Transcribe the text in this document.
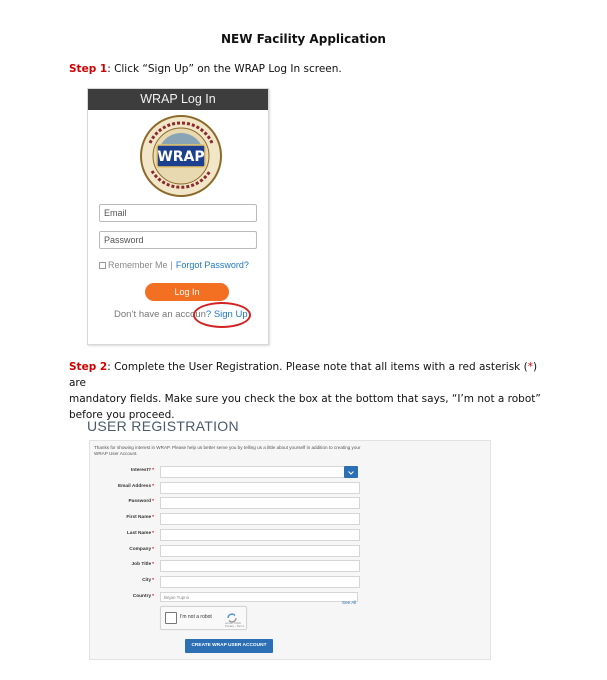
NEW Facility Application
Step 1: Click “Sign Up” on the WRAP Log In screen.
WRAP Log In
WRAP
Email
Password
Remember Me | Forgot Password?
Log In
Don’t have an accoun? Sign Up
Step 2: Complete the User Registration. Please note that all items with a red asterisk (*) are
mandatory fields. Make sure you check the box at the bottom that says, “I’m not a robot”
before you proceed.
USER REGISTRATION
Thanks for showing interest in WRAP. Please help us better serve you by telling us a little about yourself in addition to creating your WRAP User Account.
Interest?*
Email Address*
Password*
First Name*
Last Name*
Company*
Job Title*
City*
Country*	Bejan Tupnii
See All
I'm not a robot
reCAPTCHA
Privacy - Terms
CREATE WRAP USER ACCOUNT
